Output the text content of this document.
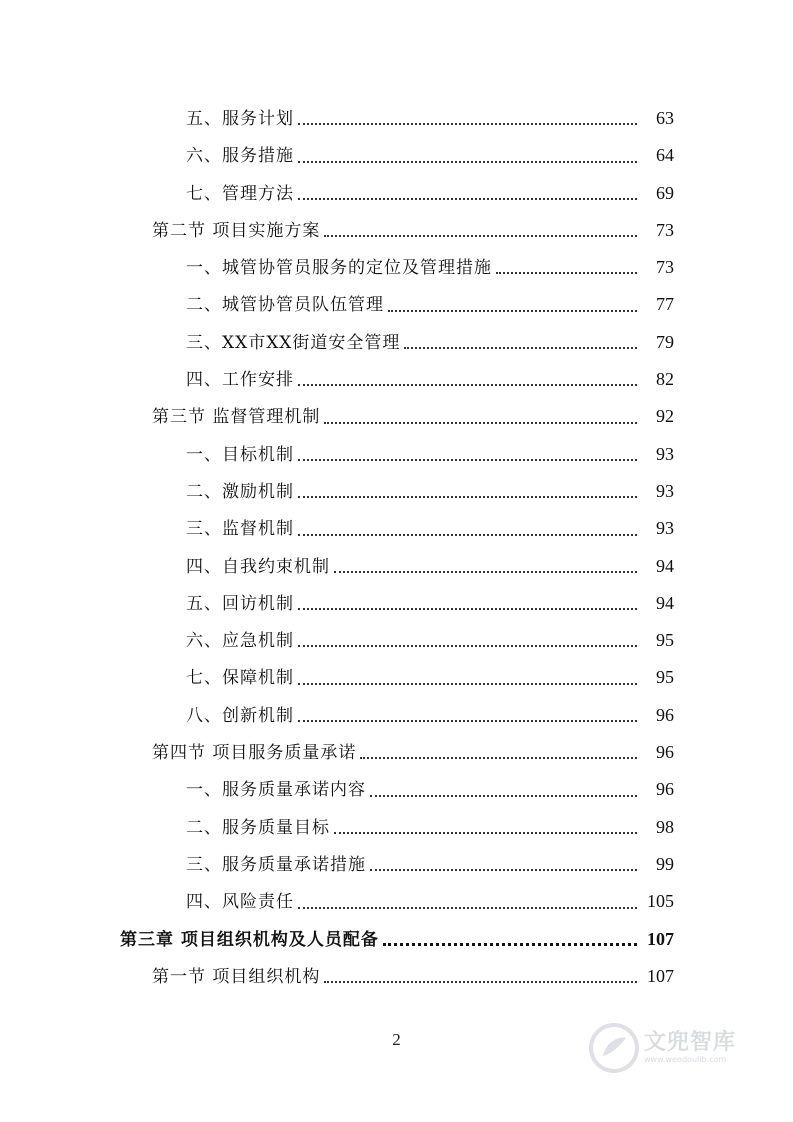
五、服务计划	63
六、服务措施	64
七、管理方法	69
第二节 项目实施方案	73
一、城管协管员服务的定位及管理措施	73
二、城管协管员队伍管理	77
三、XX市XX街道安全管理	79
四、工作安排	82
第三节 监督管理机制	92
一、目标机制	93
二、激励机制	93
三、监督机制	93
四、自我约束机制	94
五、回访机制	94
六、应急机制	95
七、保障机制	95
八、创新机制	96
第四节 项目服务质量承诺	96
一、服务质量承诺内容	96
二、服务质量目标	98
三、服务质量承诺措施	99
四、风险责任	105
第三章 项目组织机构及人员配备	107
第一节 项目组织机构	107
2	文兜智库
www.wendoulib.com
